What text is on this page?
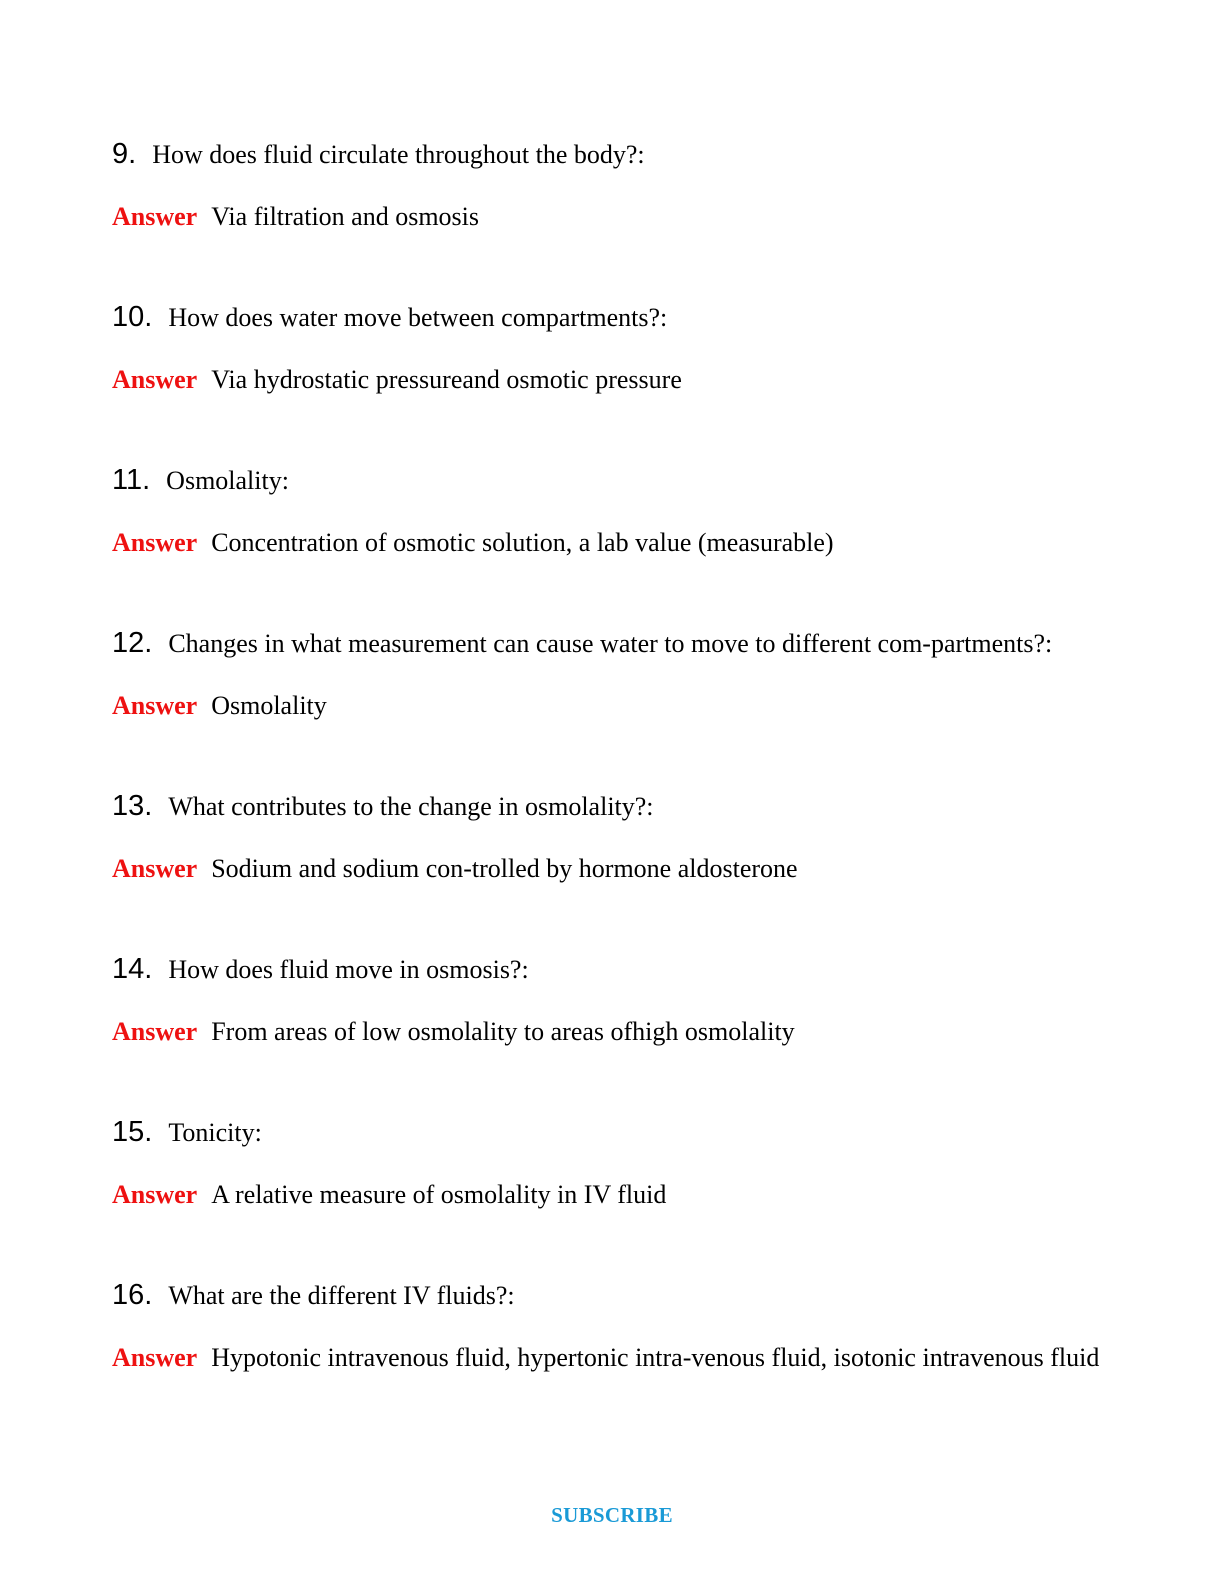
9. How does fluid circulate throughout the body?:
Answer Via filtration and osmosis
10. How does water move between compartments?:
Answer Via hydrostatic pressureand osmotic pressure
11. Osmolality:
Answer Concentration of osmotic solution, a lab value (measurable)
12. Changes in what measurement can cause water to move to different com-partments?:
Answer Osmolality
13. What contributes to the change in osmolality?:
Answer Sodium and sodium con-trolled by hormone aldosterone
14. How does fluid move in osmosis?:
Answer From areas of low osmolality to areas ofhigh osmolality
15. Tonicity:
Answer A relative measure of osmolality in IV fluid
16. What are the different IV fluids?:
Answer Hypotonic intravenous fluid, hypertonic intra-venous fluid, isotonic intravenous fluid
SUBSCRIBE
